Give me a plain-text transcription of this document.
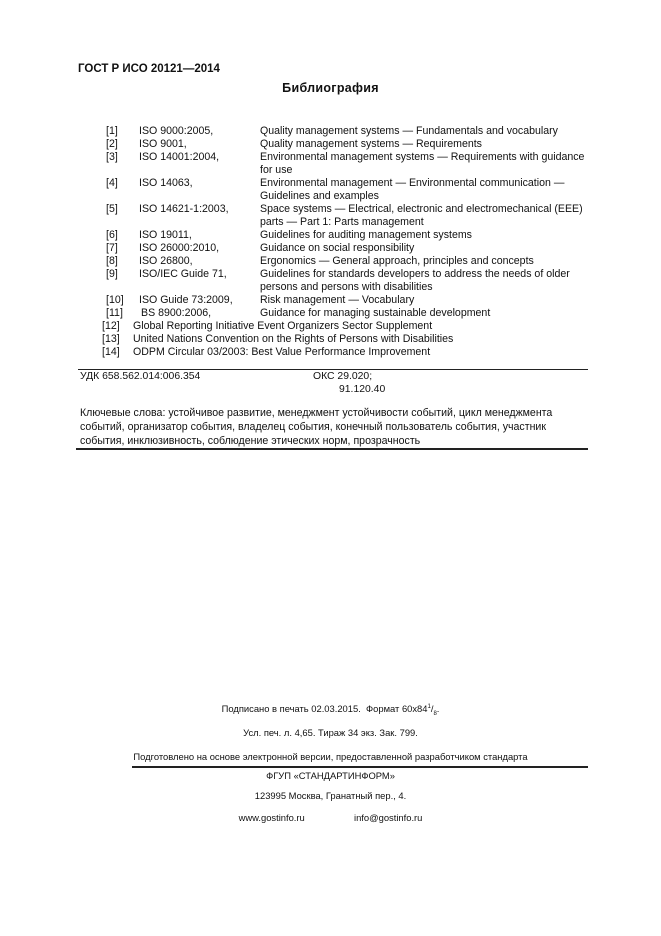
ГОСТ Р ИСО 20121—2014
Библиография
[1] ISO 9000:2005,	Quality management systems — Fundamentals and vocabulary
[2] ISO 9001,	Quality management systems — Requirements
[3] ISO 14001:2004,	Environmental management systems — Requirements with guidance
for use
[4] ISO 14063,	Environmental management — Environmental communication —
Guidelines and examples
[5] ISO 14621-1:2003,	Space systems — Electrical, electronic and electromechanical (EEE)
parts — Part 1: Parts management
[6] ISO 19011,	Guidelines for auditing management systems
[7] ISO 26000:2010,	Guidance on social responsibility
[8] ISO 26800,	Ergonomics — General approach, principles and concepts
[9] ISO/IEC Guide 71,	Guidelines for standards developers to address the needs of older
persons and persons with disabilities
[10] ISO Guide 73:2009,	Risk management — Vocabulary
[11] BS 8900:2006,	Guidance for managing sustainable development
[12] Global Reporting Initiative Event Organizers Sector Supplement
[13] United Nations Convention on the Rights of Persons with Disabilities
[14] ODPM Circular 03/2003: Best Value Performance Improvement
УДК 658.562.014:006.354	ОКС 29.020;
91.120.40
Ключевые слова: устойчивое развитие, менеджмент устойчивости событий, цикл менеджмента событий, организатор события, владелец события, конечный пользователь события, участник события, инклюзивность, соблюдение этических норм, прозрачность
Подписано в печать 02.03.2015. Формат $60х84^1/_8$.
Усл. печ. л. 4,65. Тираж 34 экз. Зак. 799.
Подготовлено на основе электронной версии, предоставленной разработчиком стандарта
ФГУП «СТАНДАРТИНФОРМ»
123995 Москва, Гранатный пер., 4.
www.gostinfo.ru	info@gostinfo.ru
